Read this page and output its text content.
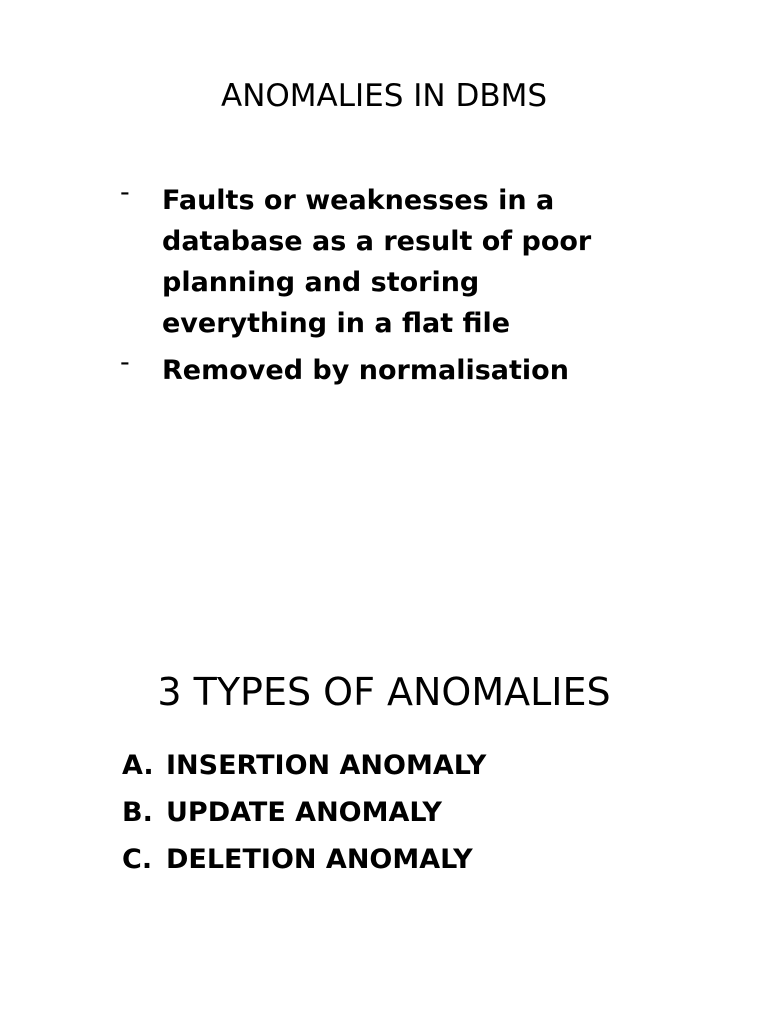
ANOMALIES IN DBMS
- Faults or weaknesses in a database as a result of poor planning and storing everything in a flat file
- Removed by normalisation
3 TYPES OF ANOMALIES
A. INSERTION ANOMALY
B. UPDATE ANOMALY
C. DELETION ANOMALY
